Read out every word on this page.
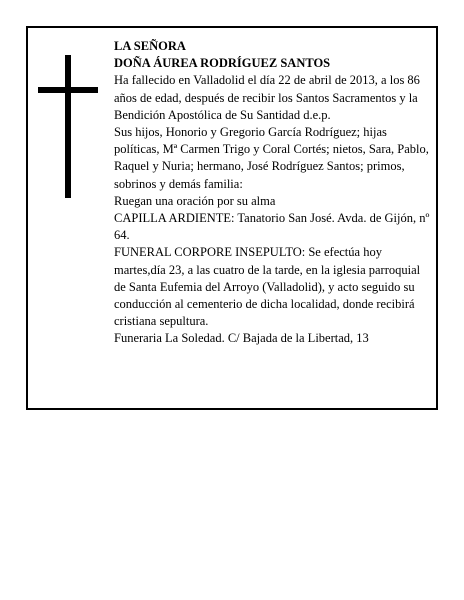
LA SEÑORA

DOÑA ÁUREA RODRÍGUEZ SANTOS

Ha fallecido en Valladolid el día 22 de abril de 2013, a los 86 años de edad, después de recibir los Santos Sacramentos y la Bendición Apostólica de Su Santidad d.e.p.

Sus hijos, Honorio y Gregorio García Rodríguez; hijas políticas, Mª Carmen Trigo y Coral Cortés; nietos, Sara, Pablo, Raquel y Nuria; hermano, José Rodríguez Santos; primos, sobrinos y demás familia:

Ruegan una oración por su alma

CAPILLA ARDIENTE: Tanatorio San José. Avda. de Gijón, nº 64.

FUNERAL CORPORE INSEPULTO: Se efectúa hoy martes,día 23, a las cuatro de la tarde, en la iglesia parroquial de Santa Eufemia del Arroyo (Valladolid), y acto seguido su conducción al cementerio de dicha localidad, donde recibirá cristiana sepultura.

Funeraria La Soledad. C/ Bajada de la Libertad, 13
